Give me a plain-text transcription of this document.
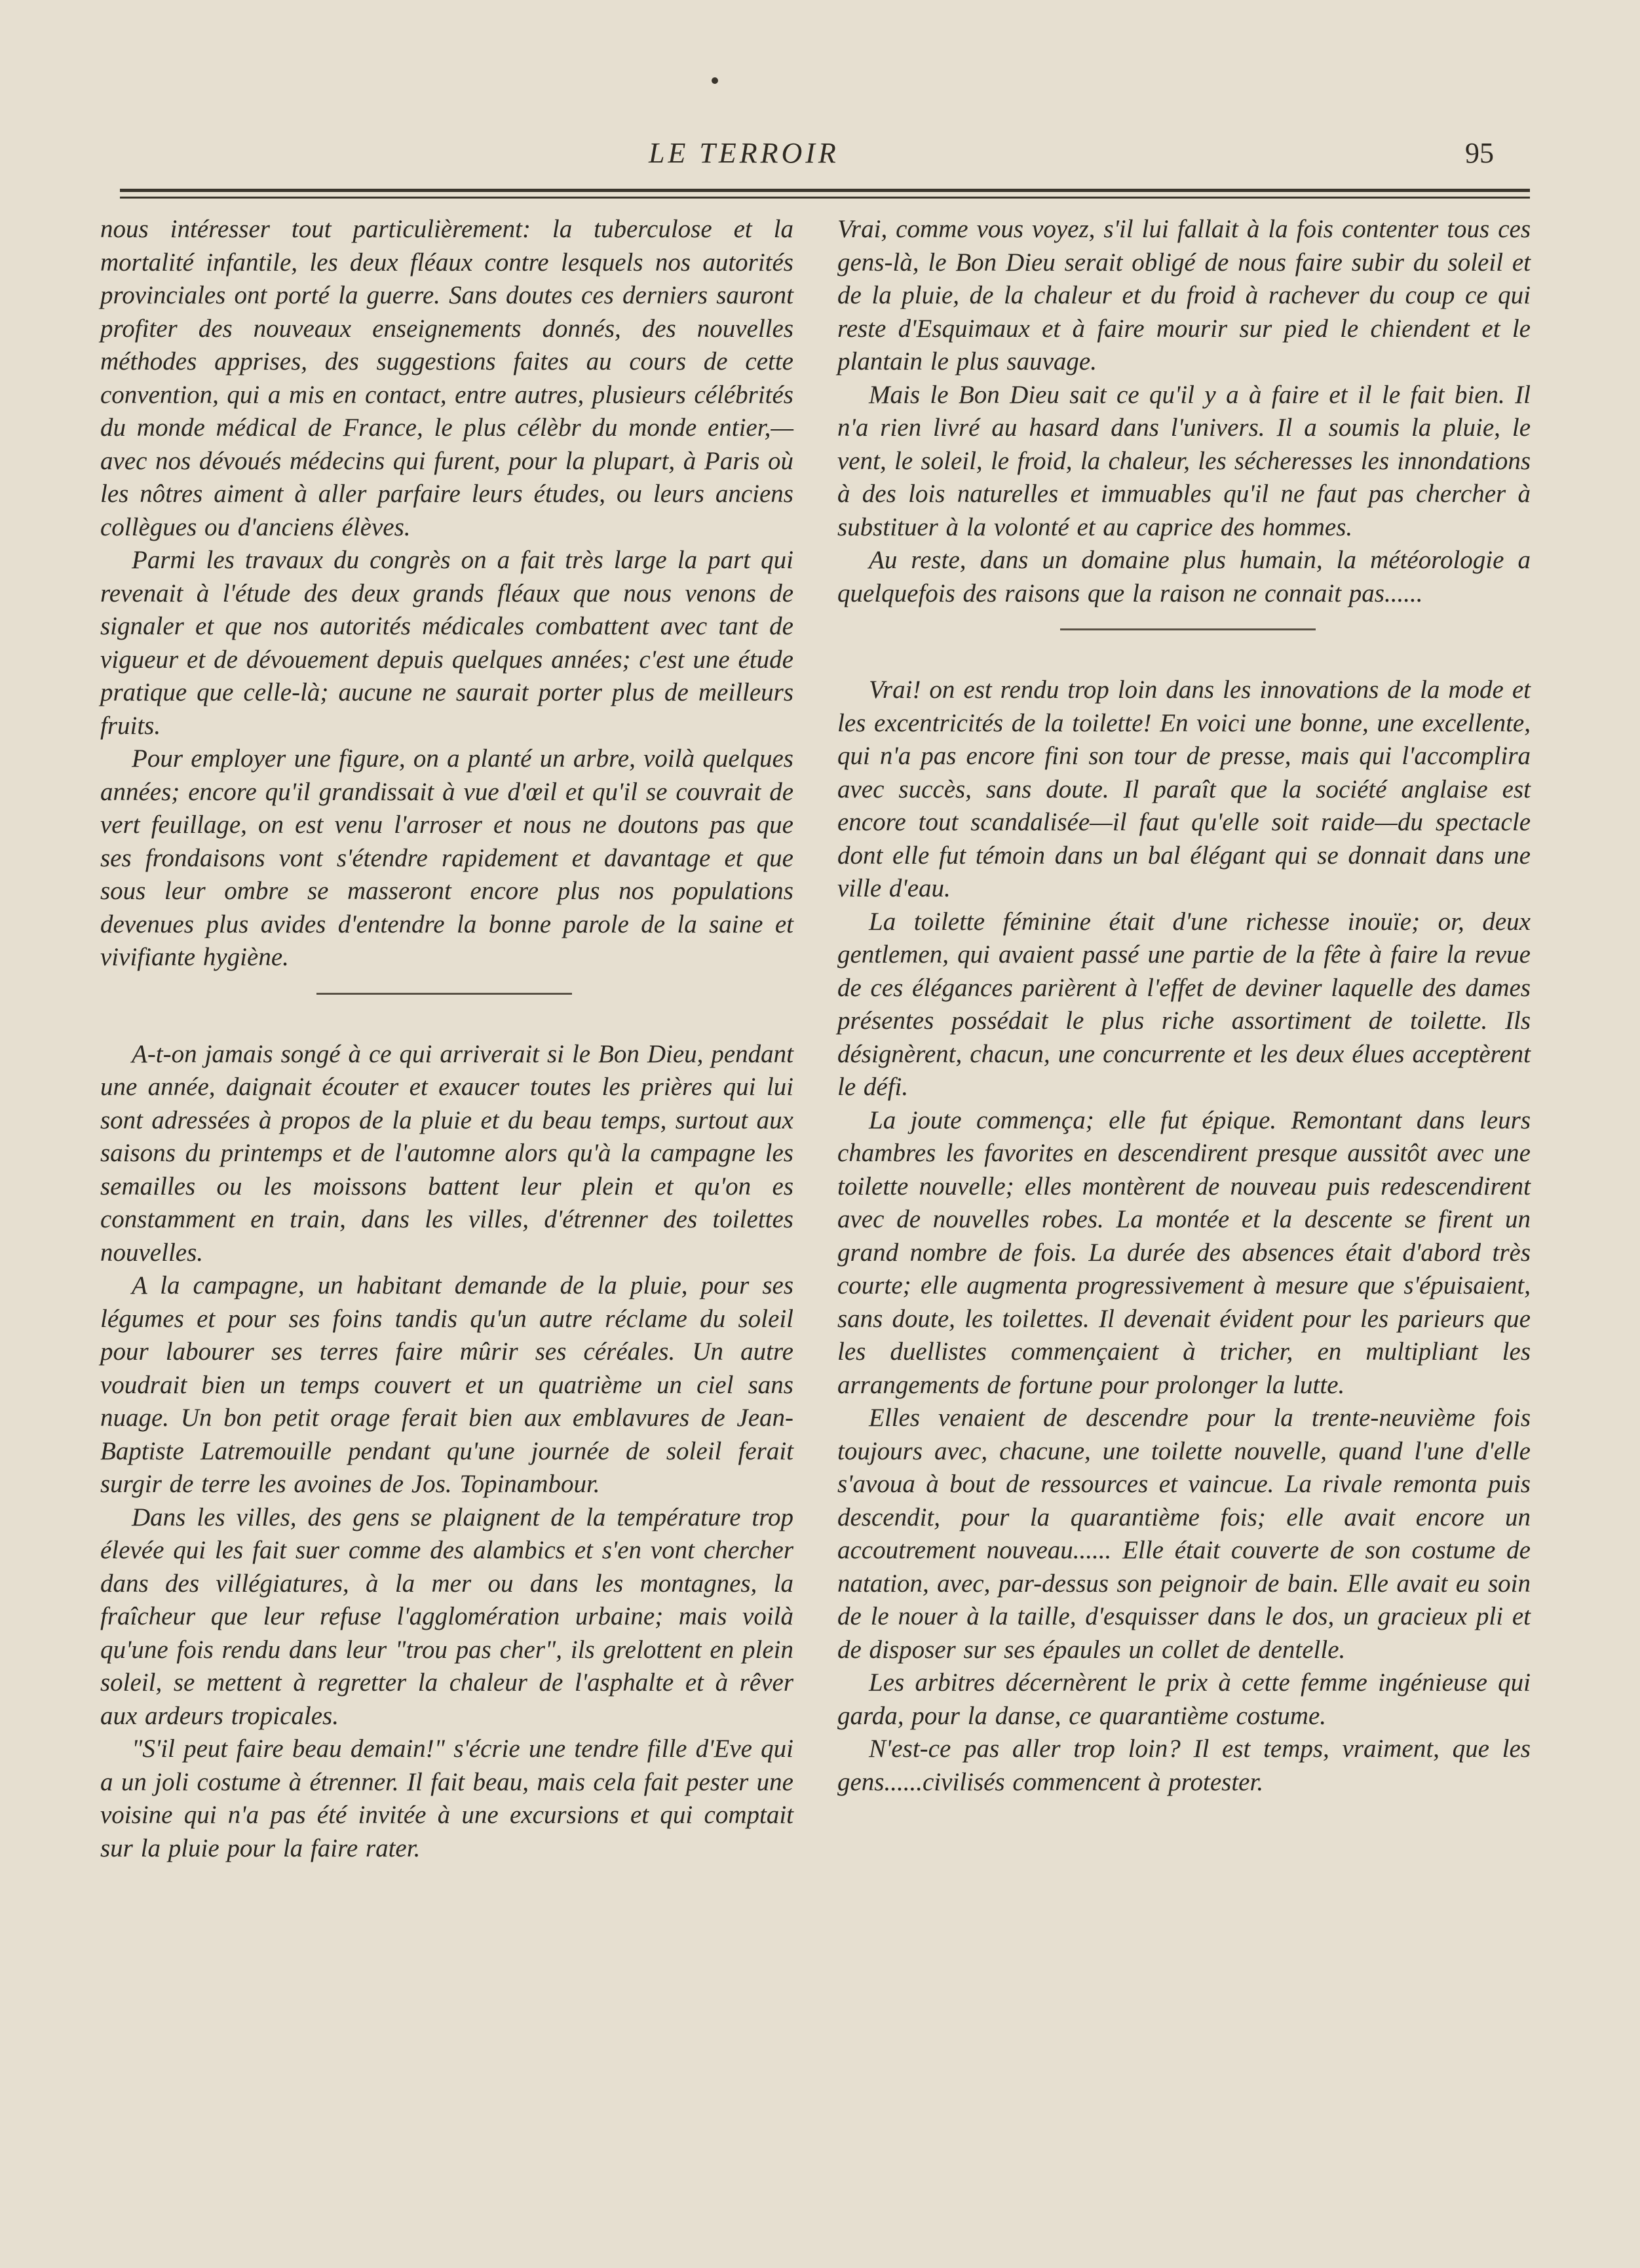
LE TERROIR	95

nous intéresser tout particulièrement: la tuberculose et la mortalité infantile, les deux fléaux contre lesquels nos autorités provinciales ont porté la guerre. Sans doutes ces derniers sauront profiter des nouveaux enseignements donnés, des nouvelles méthodes apprises, des suggestions faites au cours de cette convention, qui a mis en contact, entre autres, plusieurs célébrités du monde médical de France, le plus célèbr du monde entier,—avec nos dévoués médecins qui furent, pour la plupart, à Paris où les nôtres aiment à aller parfaire leurs études, ou leurs anciens collègues ou d'anciens élèves.

Parmi les travaux du congrès on a fait très large la part qui revenait à l'étude des deux grands fléaux que nous venons de signaler et que nos autorités médicales combattent avec tant de vigueur et de dévouement depuis quelques années; c'est une étude pratique que celle-là; aucune ne saurait porter plus de meilleurs fruits.

Pour employer une figure, on a planté un arbre, voilà quelques années; encore qu'il grandissait à vue d'œil et qu'il se couvrait de vert feuillage, on est venu l'arroser et nous ne doutons pas que ses frondaisons vont s'étendre rapidement et davantage et que sous leur ombre se masseront encore plus nos populations devenues plus avides d'entendre la bonne parole de la saine et vivifiante hygiène.

A-t-on jamais songé à ce qui arriverait si le Bon Dieu, pendant une année, daignait écouter et exaucer toutes les prières qui lui sont adressées à propos de la pluie et du beau temps, surtout aux saisons du printemps et de l'automne alors qu'à la campagne les semailles ou les moissons battent leur plein et qu'on es constamment en train, dans les villes, d'étrenner des toilettes nouvelles.

A la campagne, un habitant demande de la pluie, pour ses légumes et pour ses foins tandis qu'un autre réclame du soleil pour labourer ses terres faire mûrir ses céréales. Un autre voudrait bien un temps couvert et un quatrième un ciel sans nuage. Un bon petit orage ferait bien aux emblavures de Jean-Baptiste Latremouille pendant qu'une journée de soleil ferait surgir de terre les avoines de Jos. Topinambour.

Dans les villes, des gens se plaignent de la température trop élevée qui les fait suer comme des alambics et s'en vont chercher dans des villégiatures, à la mer ou dans les montagnes, la fraîcheur que leur refuse l'agglomération urbaine; mais voilà qu'une fois rendu dans leur "trou pas cher", ils grelottent en plein soleil, se mettent à regretter la chaleur de l'asphalte et à rêver aux ardeurs tropicales.

"S'il peut faire beau demain!" s'écrie une tendre fille d'Eve qui a un joli costume à étrenner. Il fait beau, mais cela fait pester une voisine qui n'a pas été invitée à une excursions et qui comptait sur la pluie pour la faire rater.

Vrai, comme vous voyez, s'il lui fallait à la fois contenter tous ces gens-là, le Bon Dieu serait obligé de nous faire subir du soleil et de la pluie, de la chaleur et du froid à rachever du coup ce qui reste d'Esquimaux et à faire mourir sur pied le chiendent et le plantain le plus sauvage.

Mais le Bon Dieu sait ce qu'il y a à faire et il le fait bien. Il n'a rien livré au hasard dans l'univers. Il a soumis la pluie, le vent, le soleil, le froid, la chaleur, les sécheresses les innondations à des lois naturelles et immuables qu'il ne faut pas chercher à substituer à la volonté et au caprice des hommes.

Au reste, dans un domaine plus humain, la météorologie a quelquefois des raisons que la raison ne connait pas......

Vrai! on est rendu trop loin dans les innovations de la mode et les excentricités de la toilette! En voici une bonne, une excellente, qui n'a pas encore fini son tour de presse, mais qui l'accomplira avec succès, sans doute. Il paraît que la société anglaise est encore tout scandalisée—il faut qu'elle soit raide—du spectacle dont elle fut témoin dans un bal élégant qui se donnait dans une ville d'eau.

La toilette féminine était d'une richesse inouïe; or, deux gentlemen, qui avaient passé une partie de la fête à faire la revue de ces élégances parièrent à l'effet de deviner laquelle des dames présentes possédait le plus riche assortiment de toilette. Ils désignèrent, chacun, une concurrente et les deux élues acceptèrent le défi.

La joute commença; elle fut épique. Remontant dans leurs chambres les favorites en descendirent presque aussitôt avec une toilette nouvelle; elles montèrent de nouveau puis redescendirent avec de nouvelles robes. La montée et la descente se firent un grand nombre de fois. La durée des absences était d'abord très courte; elle augmenta progressivement à mesure que s'épuisaient, sans doute, les toilettes. Il devenait évident pour les parieurs que les duellistes commençaient à tricher, en multipliant les arrangements de fortune pour prolonger la lutte.

Elles venaient de descendre pour la trente-neuvième fois toujours avec, chacune, une toilette nouvelle, quand l'une d'elle s'avoua à bout de ressources et vaincue. La rivale remonta puis descendit, pour la quarantième fois; elle avait encore un accoutrement nouveau...... Elle était couverte de son costume de natation, avec, par-dessus son peignoir de bain. Elle avait eu soin de le nouer à la taille, d'esquisser dans le dos, un gracieux pli et de disposer sur ses épaules un collet de dentelle.

Les arbitres décernèrent le prix à cette femme ingénieuse qui garda, pour la danse, ce quarantième costume.

N'est-ce pas aller trop loin? Il est temps, vraiment, que les gens......civilisés commencent à protester.
